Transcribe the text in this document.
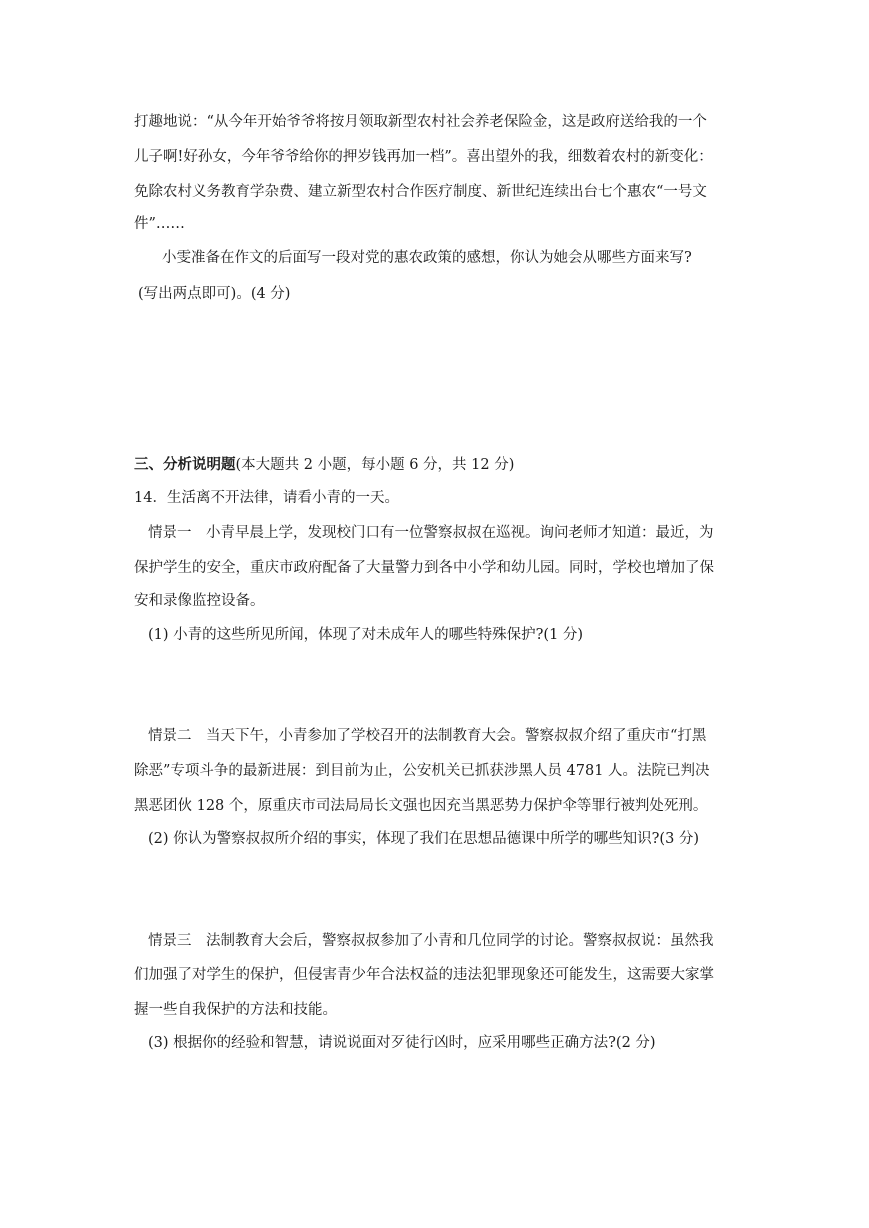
打趣地说：“从今年开始爷爷将按月领取新型农村社会养老保险金，这是政府送给我的一个
儿子啊!好孙女，今年爷爷给你的押岁钱再加一档”。喜出望外的我，细数着农村的新变化：
免除农村义务教育学杂费、建立新型农村合作医疗制度、新世纪连续出台七个惠农“一号文
件”……
小雯准备在作文的后面写一段对党的惠农政策的感想，你认为她会从哪些方面来写?
(写出两点即可)。(4 分)
三、分析说明题(本大题共 2 小题，每小题 6 分，共 12 分)
14．生活离不开法律，请看小青的一天。
情景一　小青早晨上学，发现校门口有一位警察叔叔在巡视。询问老师才知道：最近，为
保护学生的安全，重庆市政府配备了大量警力到各中小学和幼儿园。同时，学校也增加了保
安和录像监控设备。
(1) 小青的这些所见所闻，体现了对未成年人的哪些特殊保护?(1 分)
情景二　当天下午，小青参加了学校召开的法制教育大会。警察叔叔介绍了重庆市“打黑
除恶”专项斗争的最新进展：到目前为止，公安机关已抓获涉黑人员 4781 人。法院已判决
黑恶团伙 128 个，原重庆市司法局局长文强也因充当黑恶势力保护伞等罪行被判处死刑。
(2) 你认为警察叔叔所介绍的事实，体现了我们在思想品德课中所学的哪些知识?(3 分)
情景三　法制教育大会后，警察叔叔参加了小青和几位同学的讨论。警察叔叔说：虽然我
们加强了对学生的保护，但侵害青少年合法权益的违法犯罪现象还可能发生，这需要大家掌
握一些自我保护的方法和技能。
(3) 根据你的经验和智慧，请说说面对歹徒行凶时，应采用哪些正确方法?(2 分)
